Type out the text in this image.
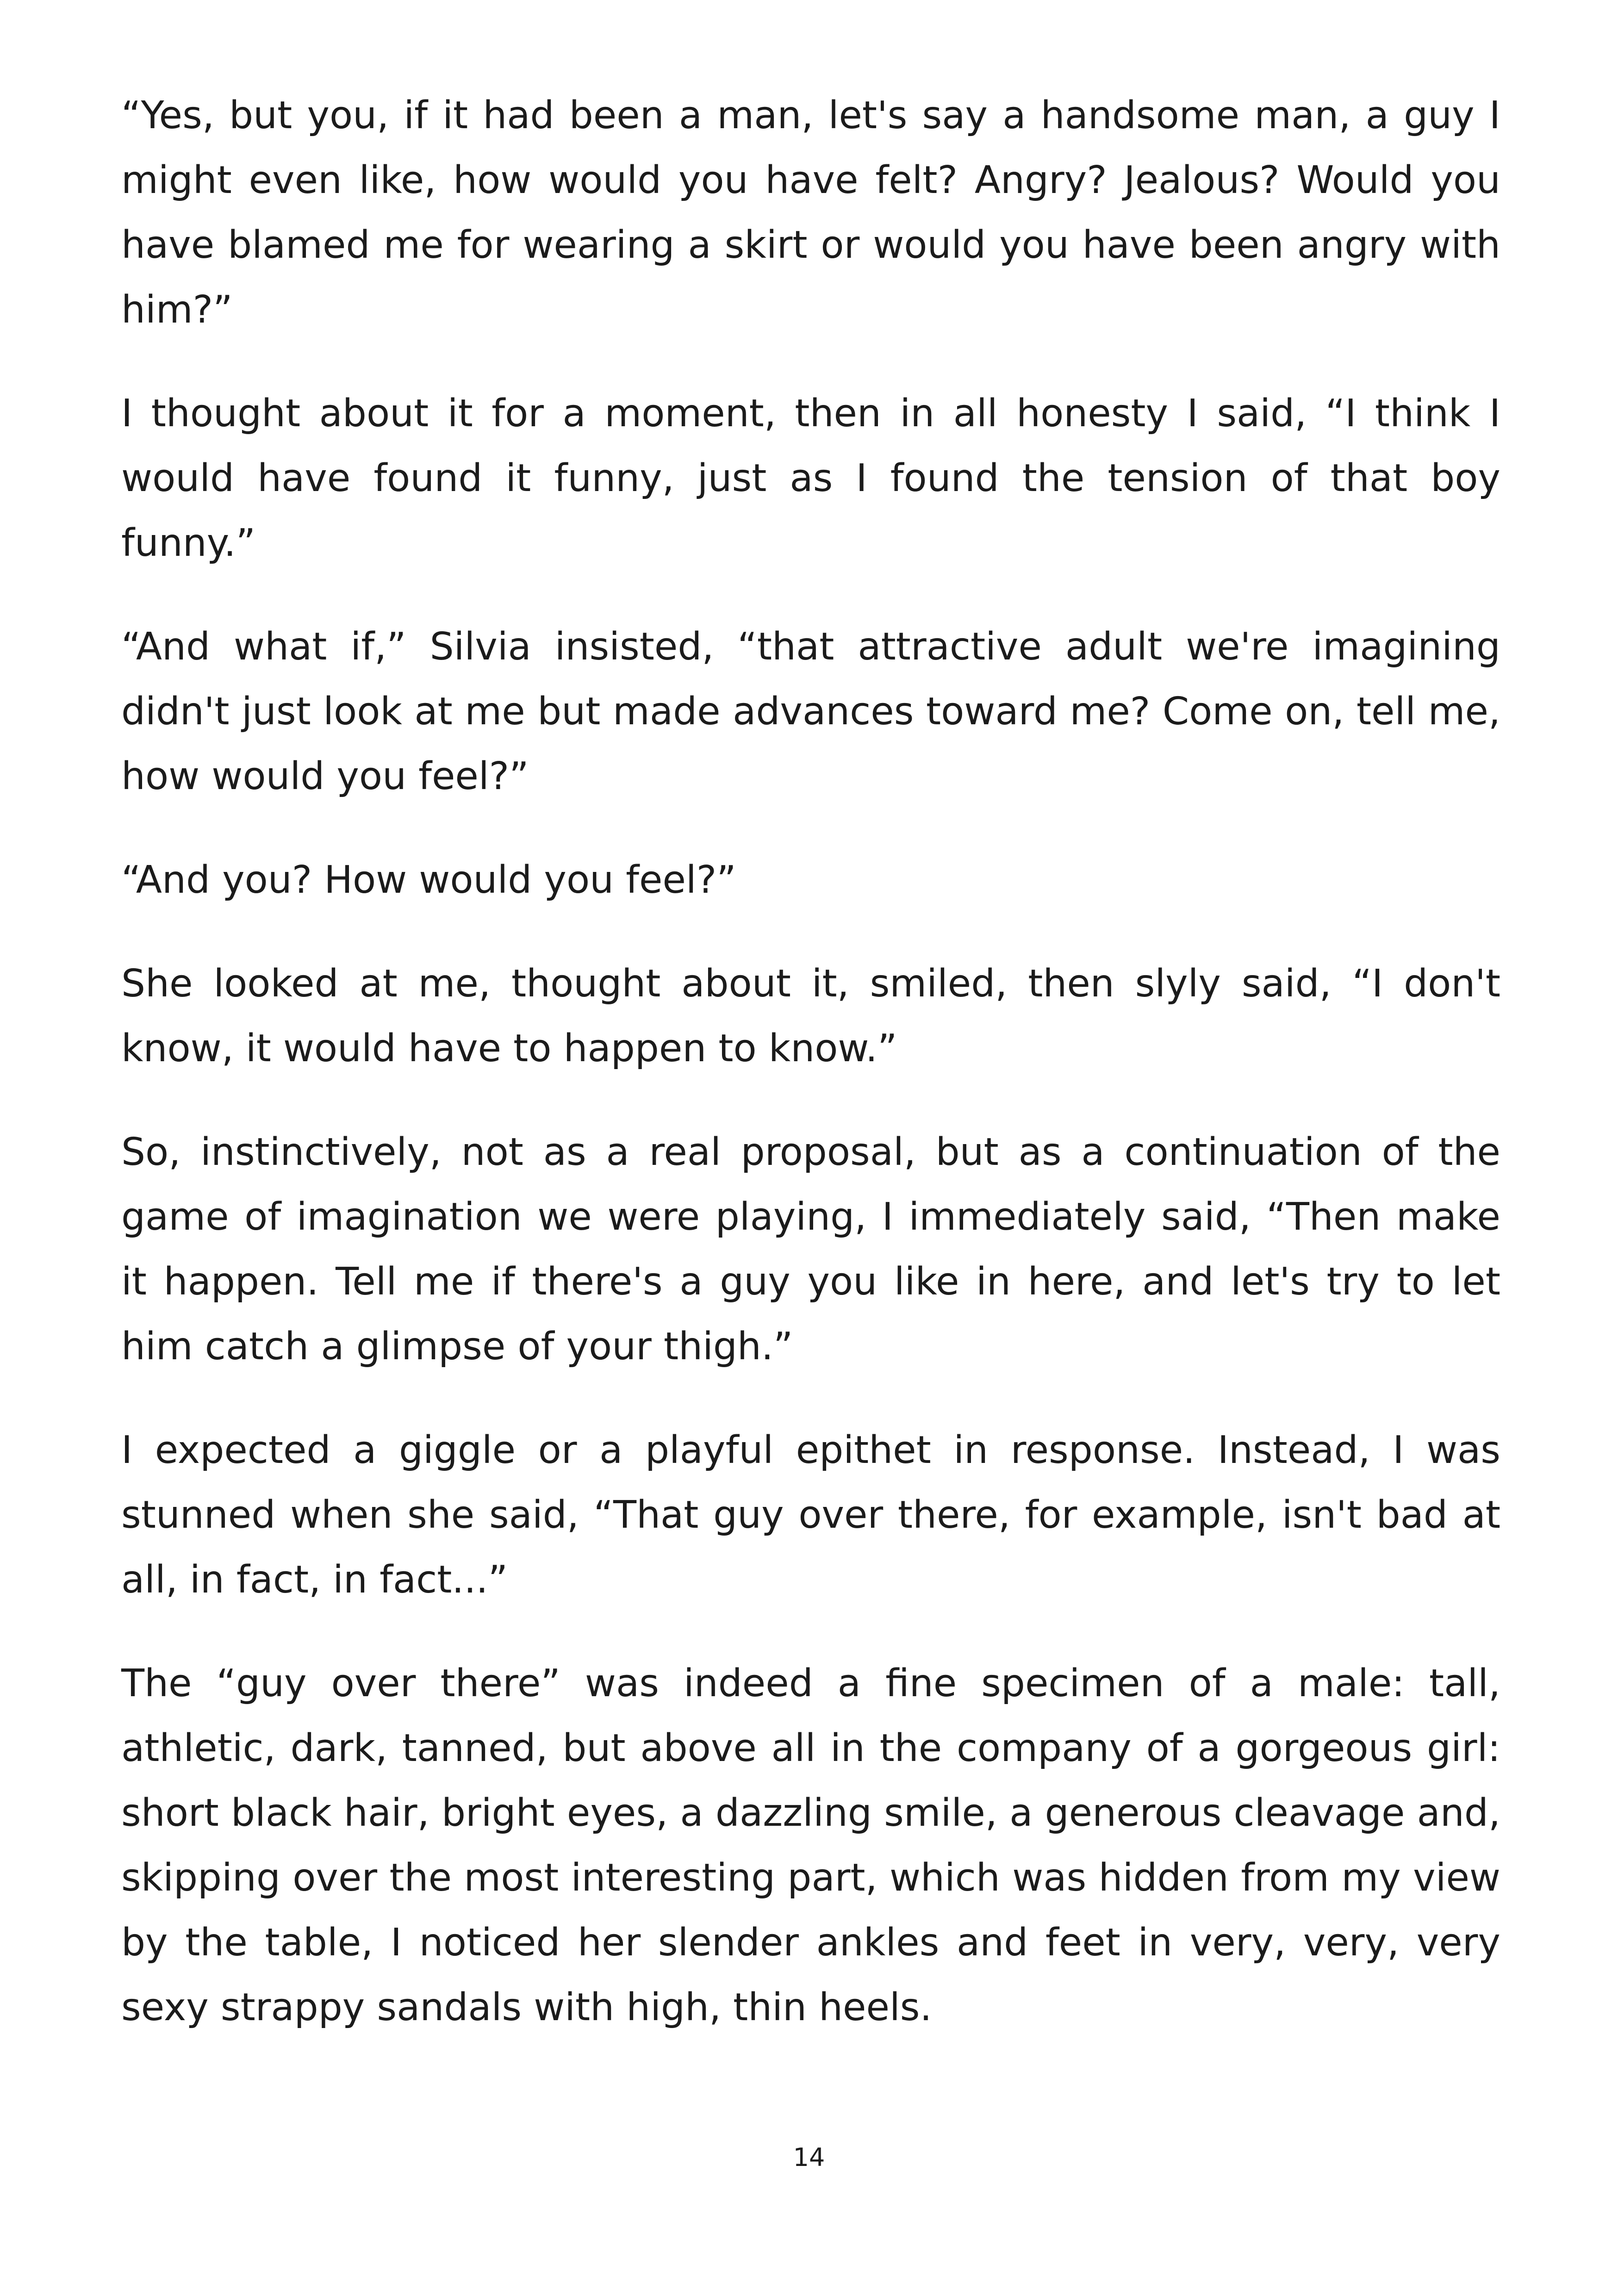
“Yes, but you, if it had been a man, let's say a handsome man, a guy I might even like, how would you have felt? Angry? Jealous? Would you have blamed me for wearing a skirt or would you have been angry with him?”

I thought about it for a moment, then in all honesty I said, “I think I would have found it funny, just as I found the tension of that boy funny.”

“And what if,” Silvia insisted, “that attractive adult we're imagining didn't just look at me but made advances toward me? Come on, tell me, how would you feel?”

“And you? How would you feel?”

She looked at me, thought about it, smiled, then slyly said, “I don't know, it would have to happen to know.”

So, instinctively, not as a real proposal, but as a continuation of the game of imagination we were playing, I immediately said, “Then make it happen. Tell me if there's a guy you like in here, and let's try to let him catch a glimpse of your thigh.”

I expected a giggle or a playful epithet in response. Instead, I was stunned when she said, “That guy over there, for example, isn't bad at all, in fact, in fact...”

The “guy over there” was indeed a fine specimen of a male: tall, athletic, dark, tanned, but above all in the company of a gorgeous girl: short black hair, bright eyes, a dazzling smile, a generous cleavage and, skipping over the most interesting part, which was hidden from my view by the table, I noticed her slender ankles and feet in very, very, very sexy strappy sandals with high, thin heels.

14
